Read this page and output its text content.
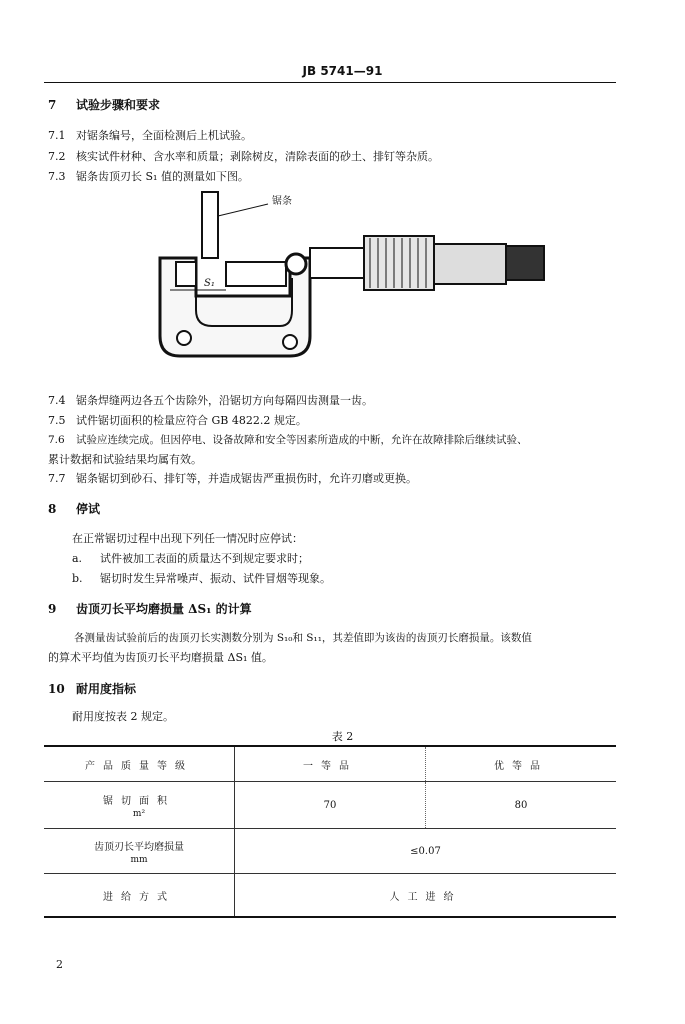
JB 5741—91
7 试验步骤和要求
7.1 对锯条编号，全面检测后上机试验。
7.2 核实试件材种、含水率和质量；剥除树皮，清除表面的砂土、排钉等杂质。
7.3 锯条齿顶刃长 S₁ 值的测量如下图。
锯条
S₁
7.4 锯条焊缝两边各五个齿除外，沿锯切方向每隔四齿测量一齿。
7.5 试件锯切面积的检量应符合 GB 4822.2 规定。
7.6 试验应连续完成。但因停电、设备故障和安全等因素所造成的中断，允许在故障排除后继续试验、
累计数据和试验结果均属有效。
7.7 锯条锯切到砂石、排钉等，并造成锯齿严重损伤时，允许刃磨或更换。
8 停试
在正常锯切过程中出现下列任一情况时应停试：
a. 试件被加工表面的质量达不到规定要求时；
b. 锯切时发生异常噪声、振动、试件冒烟等现象。
9 齿顶刃长平均磨损量 ΔS₁ 的计算
各测量齿试验前后的齿顶刃长实测数分别为 S₁₀和 S₁₁，其差值即为该齿的齿顶刃长磨损量。该数值
的算术平均值为齿顶刃长平均磨损量 ΔS₁ 值。
10 耐用度指标
耐用度按表 2 规定。
表 2
产品质量等级	一等品	优等品
锯切面积
m²	70	80
齿顶刃长平均磨损量
mm	≤0.07	
进给方式	人工进给	
2
